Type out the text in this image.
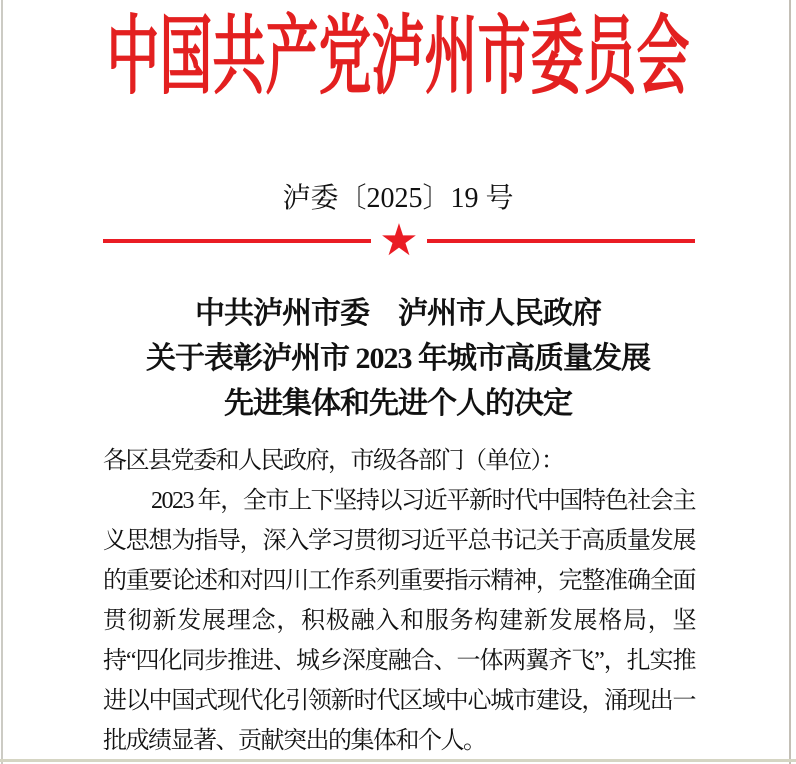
中国共产党泸州市委员会
泸委〔2025〕19 号
★
中共泸州市委　泸州市人民政府
关于表彰泸州市 2023 年城市高质量发展
先进集体和先进个人的决定
各区县党委和人民政府，市级各部门（单位）：
2023 年，全市上下坚持以习近平新时代中国特色社会主义思想为指导，深入学习贯彻习近平总书记关于高质量发展的重要论述和对四川工作系列重要指示精神，完整准确全面贯彻新发展理念，积极融入和服务构建新发展格局，坚持“四化同步推进、城乡深度融合、一体两翼齐飞”，扎实推进以中国式现代化引领新时代区域中心城市建设，涌现出一批成绩显著、贡献突出的集体和个人。
